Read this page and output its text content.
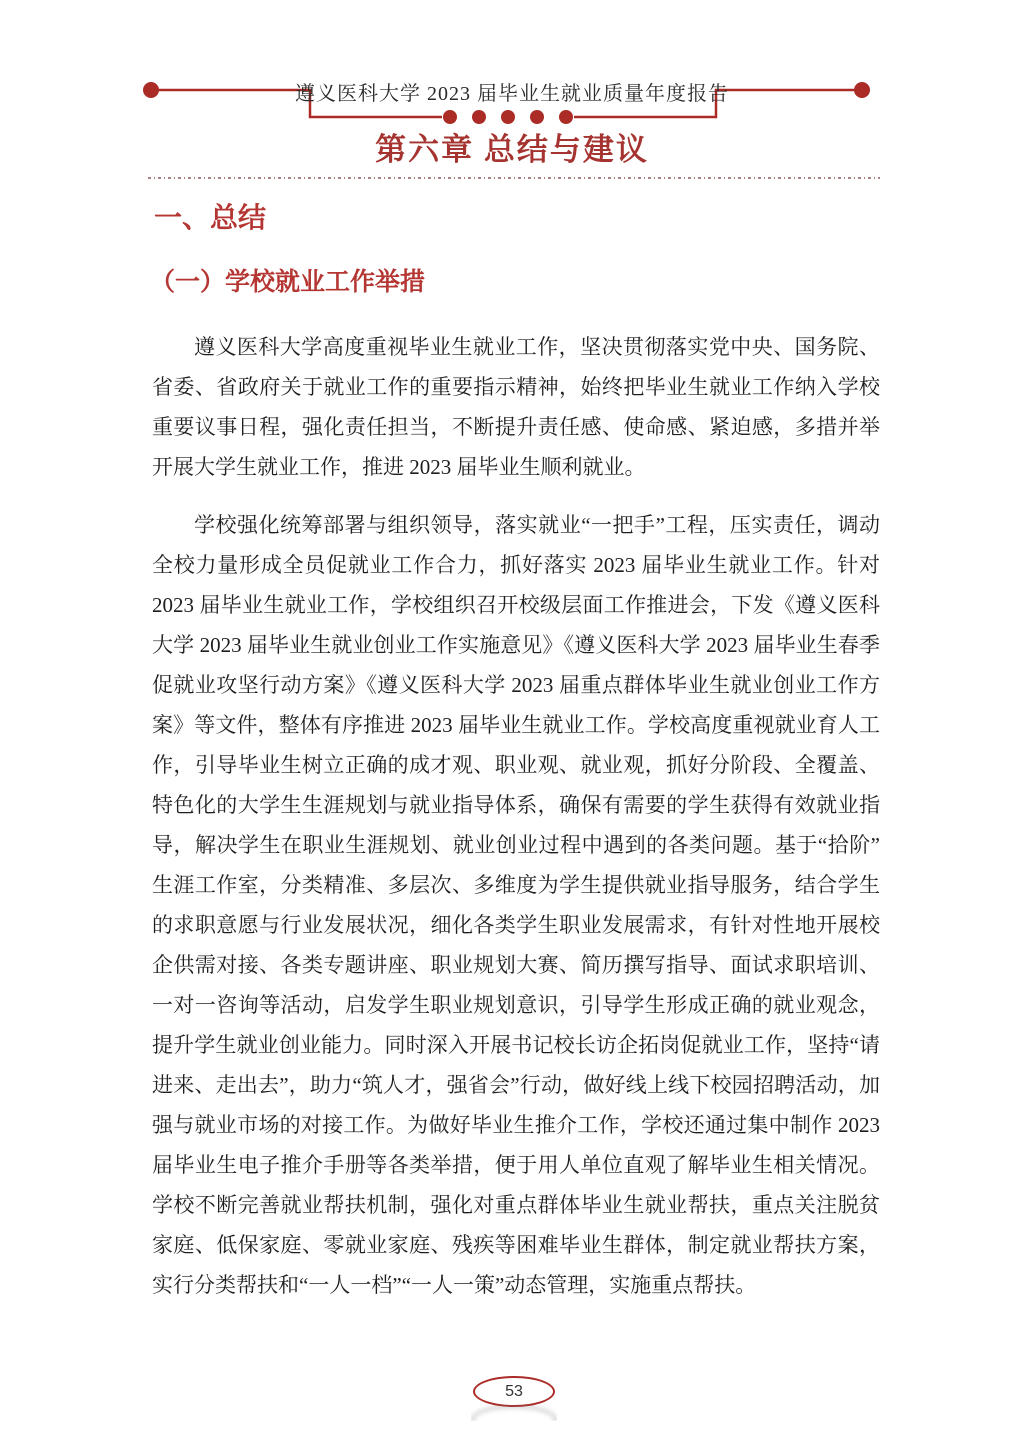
遵义医科大学 2023 届毕业生就业质量年度报告
第六章 总结与建议
一、总结
（一）学校就业工作举措

遵义医科大学高度重视毕业生就业工作，坚决贯彻落实党中央、国务院、省委、省政府关于就业工作的重要指示精神，始终把毕业生就业工作纳入学校重要议事日程，强化责任担当，不断提升责任感、使命感、紧迫感，多措并举开展大学生就业工作，推进 2023 届毕业生顺利就业。

学校强化统筹部署与组织领导，落实就业“一把手”工程，压实责任，调动全校力量形成全员促就业工作合力，抓好落实 2023 届毕业生就业工作。针对 2023 届毕业生就业工作，学校组织召开校级层面工作推进会，下发《遵义医科大学 2023 届毕业生就业创业工作实施意见》《遵义医科大学 2023 届毕业生春季促就业攻坚行动方案》《遵义医科大学 2023 届重点群体毕业生就业创业工作方案》等文件，整体有序推进 2023 届毕业生就业工作。学校高度重视就业育人工作，引导毕业生树立正确的成才观、职业观、就业观，抓好分阶段、全覆盖、特色化的大学生生涯规划与就业指导体系，确保有需要的学生获得有效就业指导，解决学生在职业生涯规划、就业创业过程中遇到的各类问题。基于“拾阶”生涯工作室，分类精准、多层次、多维度为学生提供就业指导服务，结合学生的求职意愿与行业发展状况，细化各类学生职业发展需求，有针对性地开展校企供需对接、各类专题讲座、职业规划大赛、简历撰写指导、面试求职培训、一对一咨询等活动，启发学生职业规划意识，引导学生形成正确的就业观念，提升学生就业创业能力。同时深入开展书记校长访企拓岗促就业工作，坚持“请进来、走出去”，助力“筑人才，强省会”行动，做好线上线下校园招聘活动，加强与就业市场的对接工作。为做好毕业生推介工作，学校还通过集中制作 2023 届毕业生电子推介手册等各类举措，便于用人单位直观了解毕业生相关情况。学校不断完善就业帮扶机制，强化对重点群体毕业生就业帮扶，重点关注脱贫家庭、低保家庭、零就业家庭、残疾等困难毕业生群体，制定就业帮扶方案，实行分类帮扶和“一人一档”“一人一策”动态管理，实施重点帮扶。

53
